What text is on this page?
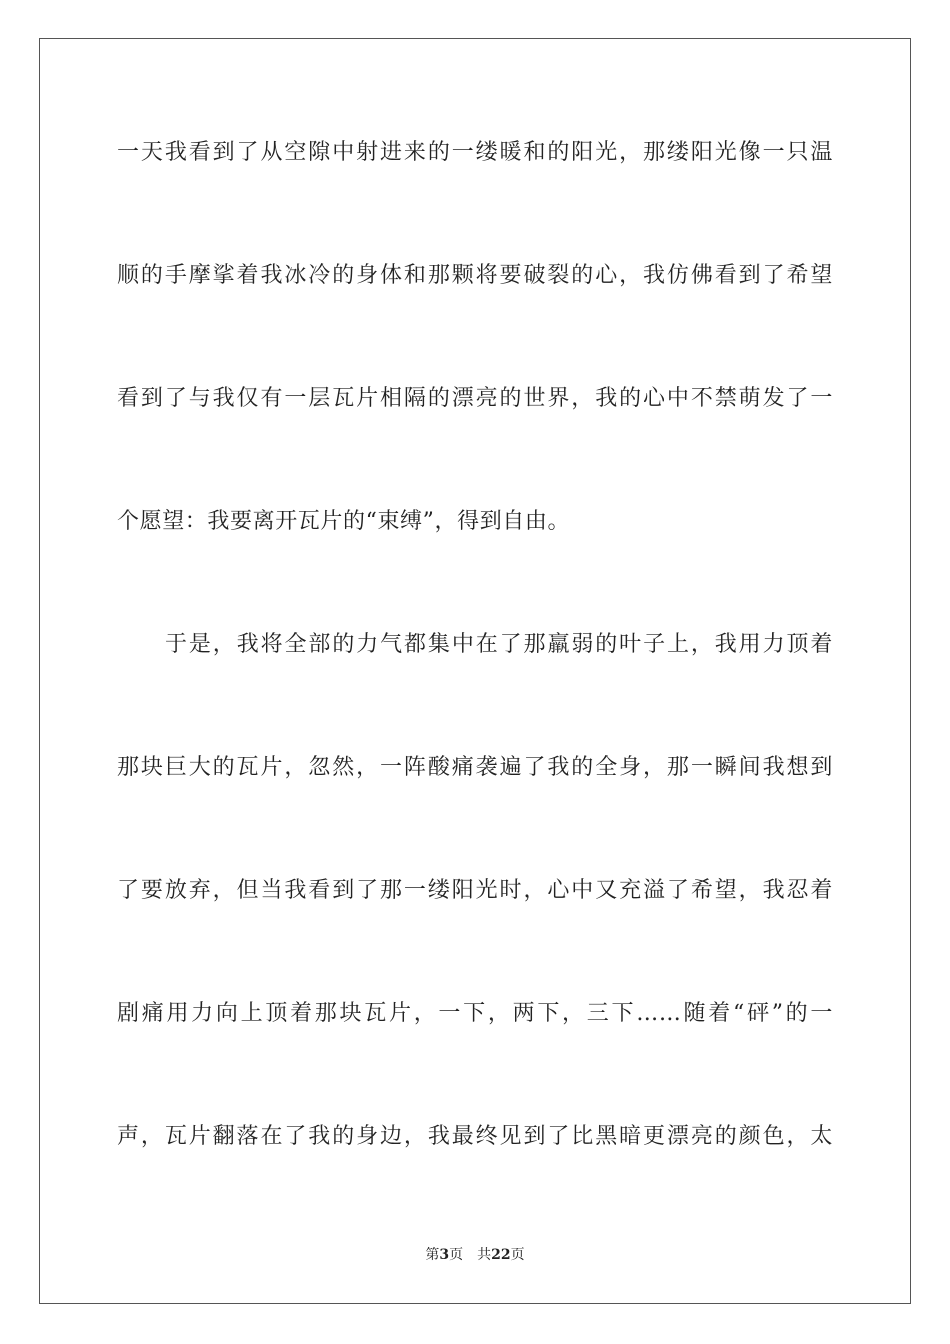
一天我看到了从空隙中射进来的一缕暖和的阳光，那缕阳光像一只温
顺的手摩挲着我冰冷的身体和那颗将要破裂的心，我仿佛看到了希望
看到了与我仅有一层瓦片相隔的漂亮的世界，我的心中不禁萌发了一
个愿望：我要离开瓦片的“束缚”，得到自由。
于是，我将全部的力气都集中在了那羸弱的叶子上，我用力顶着
那块巨大的瓦片，忽然，一阵酸痛袭遍了我的全身，那一瞬间我想到
了要放弃，但当我看到了那一缕阳光时，心中又充溢了希望，我忍着
剧痛用力向上顶着那块瓦片，一下，两下，三下……随着“砰”的一
声，瓦片翻落在了我的身边，我最终见到了比黑暗更漂亮的颜色，太
第3页 共22页
